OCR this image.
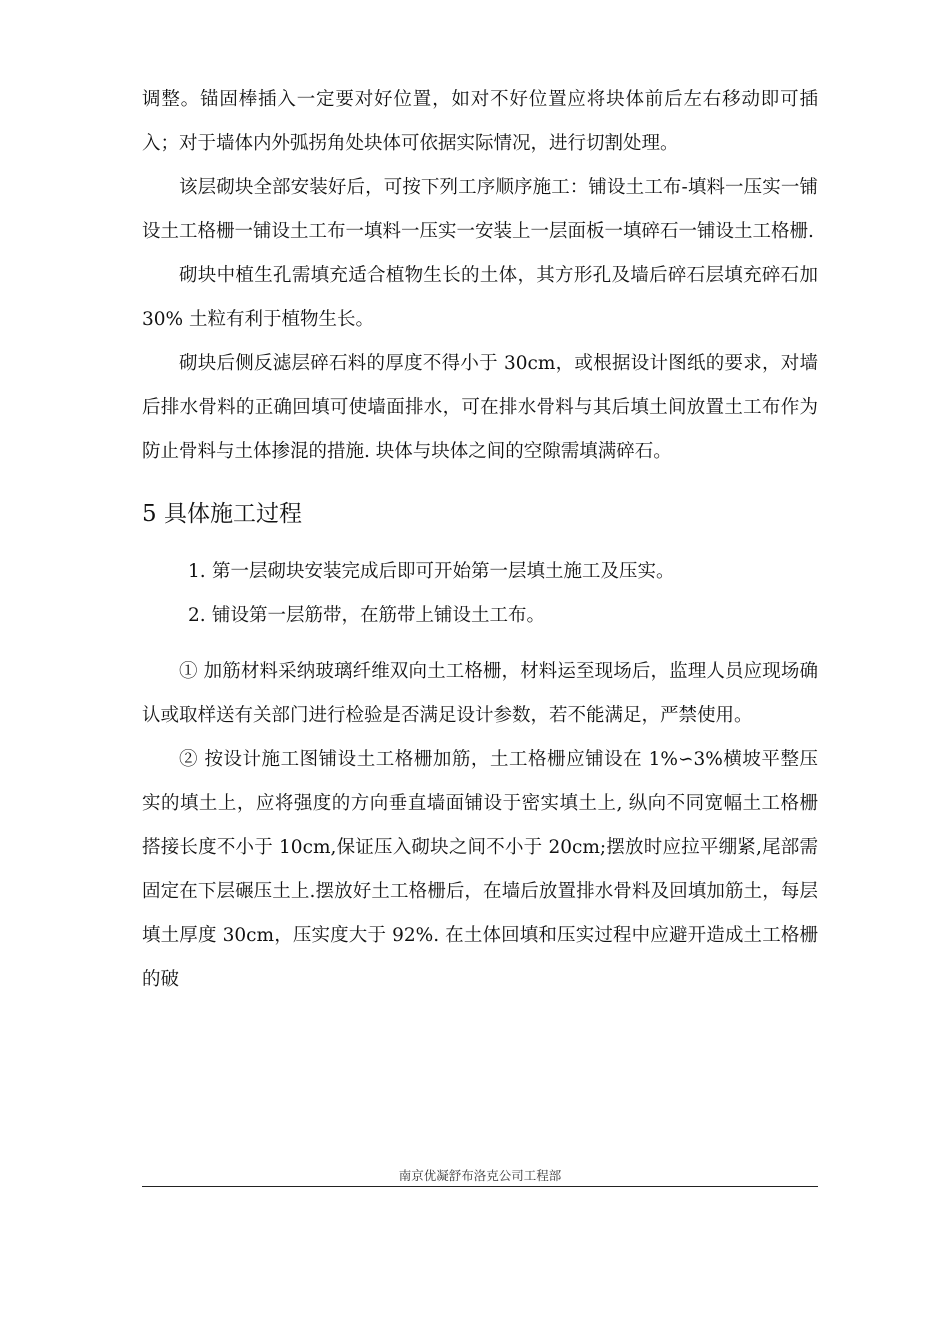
调整。锚固棒插入一定要对好位置，如对不好位置应将块体前后左右移动即可插入；对于墙体内外弧拐角处块体可依据实际情况，进行切割处理。

该层砌块全部安装好后，可按下列工序顺序施工：铺设土工布-填料一压实一铺设土工格栅一铺设土工布一填料一压实一安装上一层面板一填碎石一铺设土工格栅.

砌块中植生孔需填充适合植物生长的土体，其方形孔及墙后碎石层填充碎石加 30% 土粒有利于植物生长。

砌块后侧反滤层碎石料的厚度不得小于 30cm，或根据设计图纸的要求，对墙后排水骨料的正确回填可使墙面排水，可在排水骨料与其后填土间放置土工布作为防止骨料与土体掺混的措施. 块体与块体之间的空隙需填满碎石。

5 具体施工过程

1. 第一层砌块安装完成后即可开始第一层填土施工及压实。

2. 铺设第一层筋带，在筋带上铺设土工布。

① 加筋材料采纳玻璃纤维双向土工格栅，材料运至现场后，监理人员应现场确认或取样送有关部门进行检验是否满足设计参数，若不能满足，严禁使用。

② 按设计施工图铺设土工格栅加筋，土工格栅应铺设在 1%∽3%横坡平整压实的填土上，应将强度的方向垂直墙面铺设于密实填土上, 纵向不同宽幅土工格栅搭接长度不小于 10cm,保证压入砌块之间不小于 20cm;摆放时应拉平绷紧,尾部需固定在下层碾压土上.摆放好土工格栅后，在墙后放置排水骨料及回填加筋土，每层填土厚度 30cm，压实度大于 92%. 在土体回填和压实过程中应避开造成土工格栅的破

南京优凝舒布洛克公司工程部
